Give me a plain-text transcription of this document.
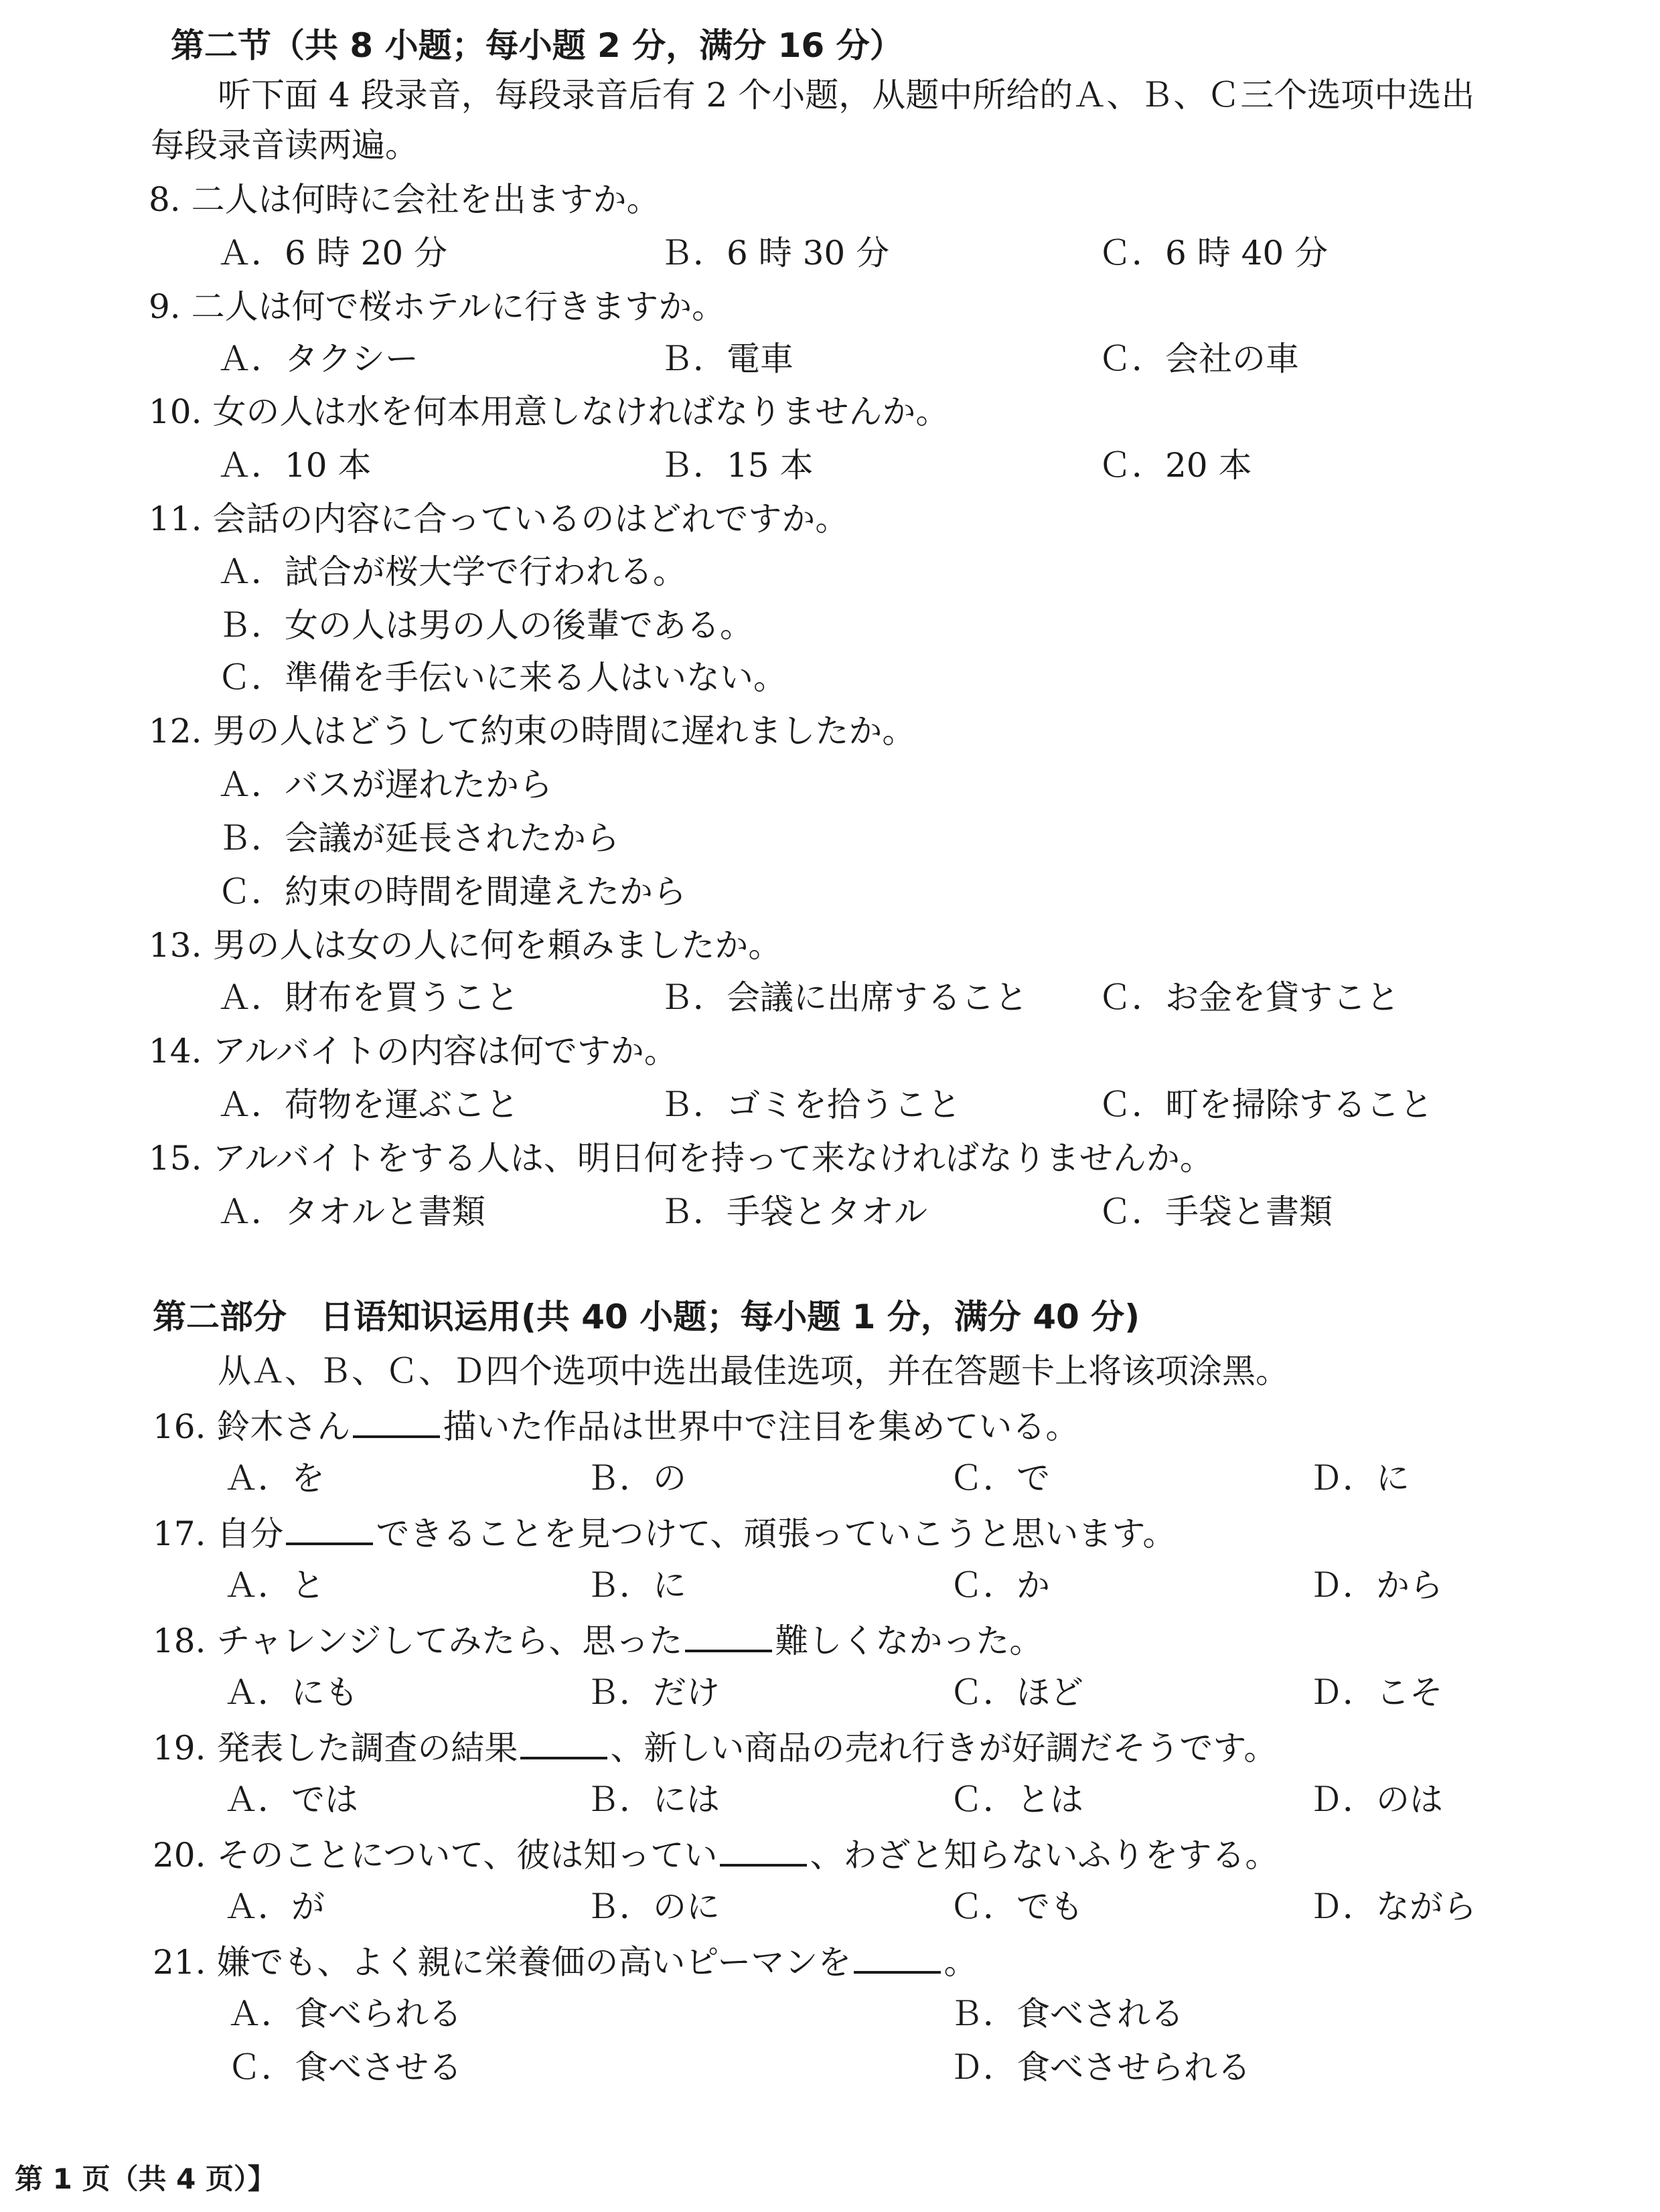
第二节（共 8 小题；每小题 2 分，满分 16 分）
听下面 4 段录音，每段录音后有 2 个小题，从题中所给的Ａ、Ｂ、Ｃ三个选项中选出
每段录音读两遍。
8. 二人は何時に会社を出ますか。
Ａ．6 時 20 分	Ｂ．6 時 30 分	Ｃ．6 時 40 分
9. 二人は何で桜ホテルに行きますか。
Ａ．タクシー	Ｂ．電車	Ｃ．会社の車
10. 女の人は水を何本用意しなければなりませんか。
Ａ．10 本	Ｂ．15 本	Ｃ．20 本
11. 会話の内容に合っているのはどれですか。
Ａ．試合が桜大学で行われる。
Ｂ．女の人は男の人の後輩である。
Ｃ．準備を手伝いに来る人はいない。
12. 男の人はどうして約束の時間に遅れましたか。
Ａ．バスが遅れたから
Ｂ．会議が延長されたから
Ｃ．約束の時間を間違えたから
13. 男の人は女の人に何を頼みましたか。
Ａ．財布を買うこと	Ｂ．会議に出席すること Ｃ．お金を貸すこと
14. アルバイトの内容は何ですか。
Ａ．荷物を運ぶこと	Ｂ．ゴミを拾うこと	Ｃ．町を掃除すること
15. アルバイトをする人は、明日何を持って来なければなりませんか。
Ａ．タオルと書類	Ｂ．手袋とタオル	Ｃ．手袋と書類
第二部分　日语知识运用(共 40 小题；每小题 1 分，满分 40 分)
从Ａ、Ｂ、Ｃ、Ｄ四个选项中选出最佳选项，并在答题卡上将该项涂黑。
16. 鈴木さん	描いた作品は世界中で注目を集めている。
Ａ．を	Ｂ．の	Ｃ．で	Ｄ．に
17. 自分	できることを見つけて、頑張っていこうと思います。
Ａ．と	Ｂ．に	Ｃ．か	Ｄ．から
18. チャレンジしてみたら、思った	難しくなかった。
Ａ．にも	Ｂ．だけ	Ｃ．ほど	Ｄ．こそ
19. 発表した調査の結果	、新しい商品の売れ行きが好調だそうです。
Ａ．では	Ｂ．には	Ｃ．とは	Ｄ．のは
20. そのことについて、彼は知ってい	、わざと知らないふりをする。
Ａ．が	Ｂ．のに	Ｃ．でも	Ｄ．ながら
21. 嫌でも、よく親に栄養価の高いピーマンを	。
Ａ．食べられる	Ｂ．食べされる
Ｃ．食べさせる	Ｄ．食べさせられる
第 1 页（共 4 页）】
